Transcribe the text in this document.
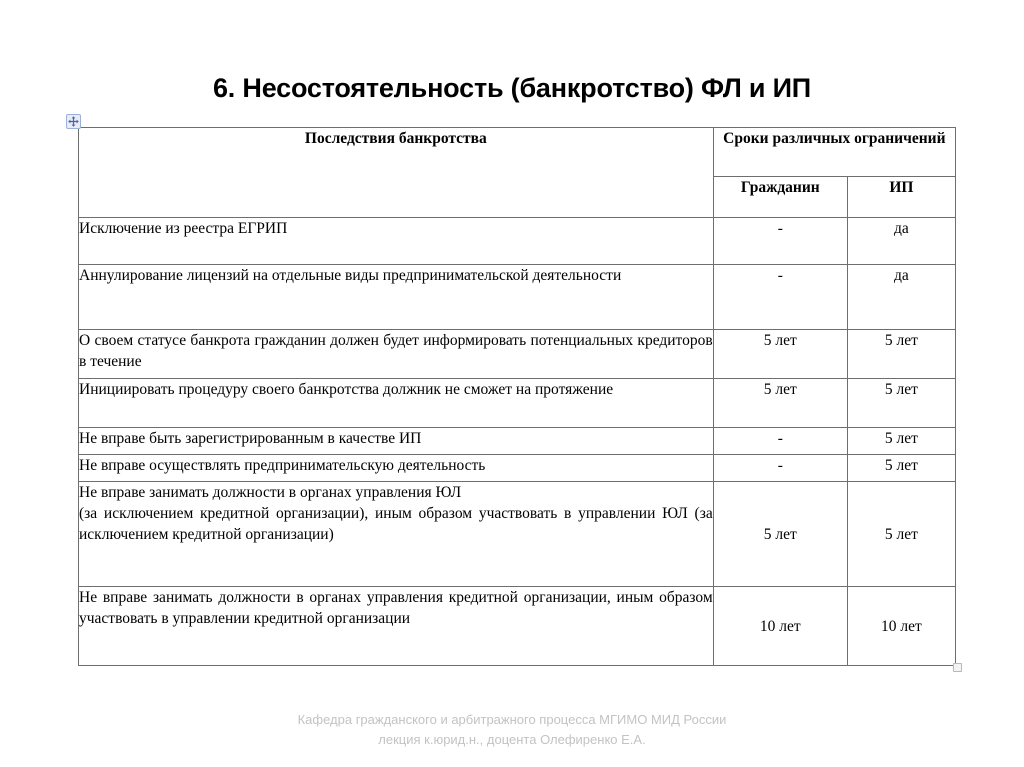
6. Несостоятельность (банкротство) ФЛ и ИП
Последствия банкротства	Сроки различных ограничений	
	Гражданин	ИП

Исключение из реестра ЕГРИП	-	да

Аннулирование лицензий на отдельные виды предпринимательской деятельности	-	да

О своем статусе банкрота гражданин должен будет информировать потенциальных кредиторов в течение	5 лет	5 лет

Инициировать процедуру своего банкротства должник не сможет на протяжение	5 лет	5 лет

Не вправе быть зарегистрированным в качестве ИП	-	5 лет

Не вправе осуществлять предпринимательскую деятельность	-	5 лет

Не вправе занимать должности в органах управления ЮЛ

(за исключением кредитной организации), иным образом участвовать в управлении ЮЛ (за исключением кредитной организации)	5 лет	5 лет

Не вправе занимать должности в органах управления кредитной организации, иным образом участвовать в управлении кредитной организации	10 лет	10 лет
Кафедра гражданского и арбитражного процесса МГИМО МИД России
лекция к.юрид.н., доцента Олефиренко Е.А.
